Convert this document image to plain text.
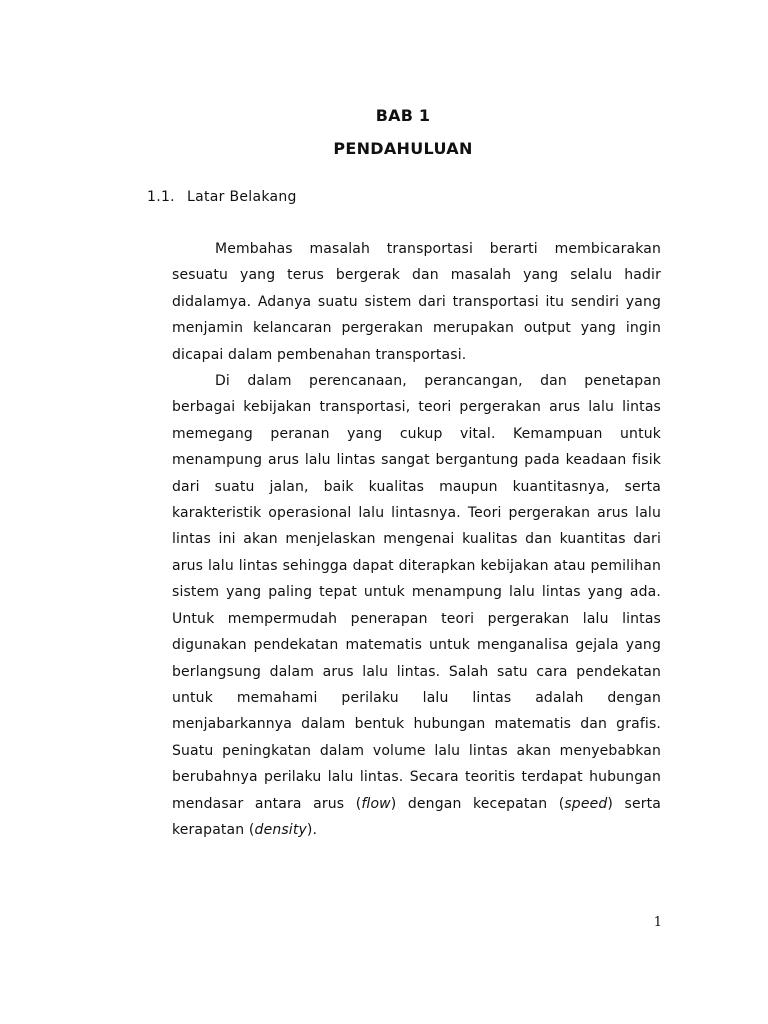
BAB 1
PENDAHULUAN
1.1. Latar Belakang

Membahas masalah transportasi berarti membicarakan sesuatu yang terus bergerak dan masalah yang selalu hadir didalamya. Adanya suatu sistem dari transportasi itu sendiri yang menjamin kelancaran pergerakan merupakan output yang ingin dicapai dalam pembenahan transportasi.

Di dalam perencanaan, perancangan, dan penetapan berbagai kebijakan transportasi, teori pergerakan arus lalu lintas memegang peranan yang cukup vital. Kemampuan untuk menampung arus lalu lintas sangat bergantung pada keadaan fisik dari suatu jalan, baik kualitas maupun kuantitasnya, serta karakteristik operasional lalu lintasnya. Teori pergerakan arus lalu lintas ini akan menjelaskan mengenai kualitas dan kuantitas dari arus lalu lintas sehingga dapat diterapkan kebijakan atau pemilihan sistem yang paling tepat untuk menampung lalu lintas yang ada. Untuk mempermudah penerapan teori pergerakan lalu lintas digunakan pendekatan matematis untuk menganalisa gejala yang berlangsung dalam arus lalu lintas. Salah satu cara pendekatan untuk memahami perilaku lalu lintas adalah dengan menjabarkannya dalam bentuk hubungan matematis dan grafis. Suatu peningkatan dalam volume lalu lintas akan menyebabkan berubahnya perilaku lalu lintas. Secara teoritis terdapat hubungan mendasar antara arus (flow) dengan kecepatan (speed) serta kerapatan (density).

1
